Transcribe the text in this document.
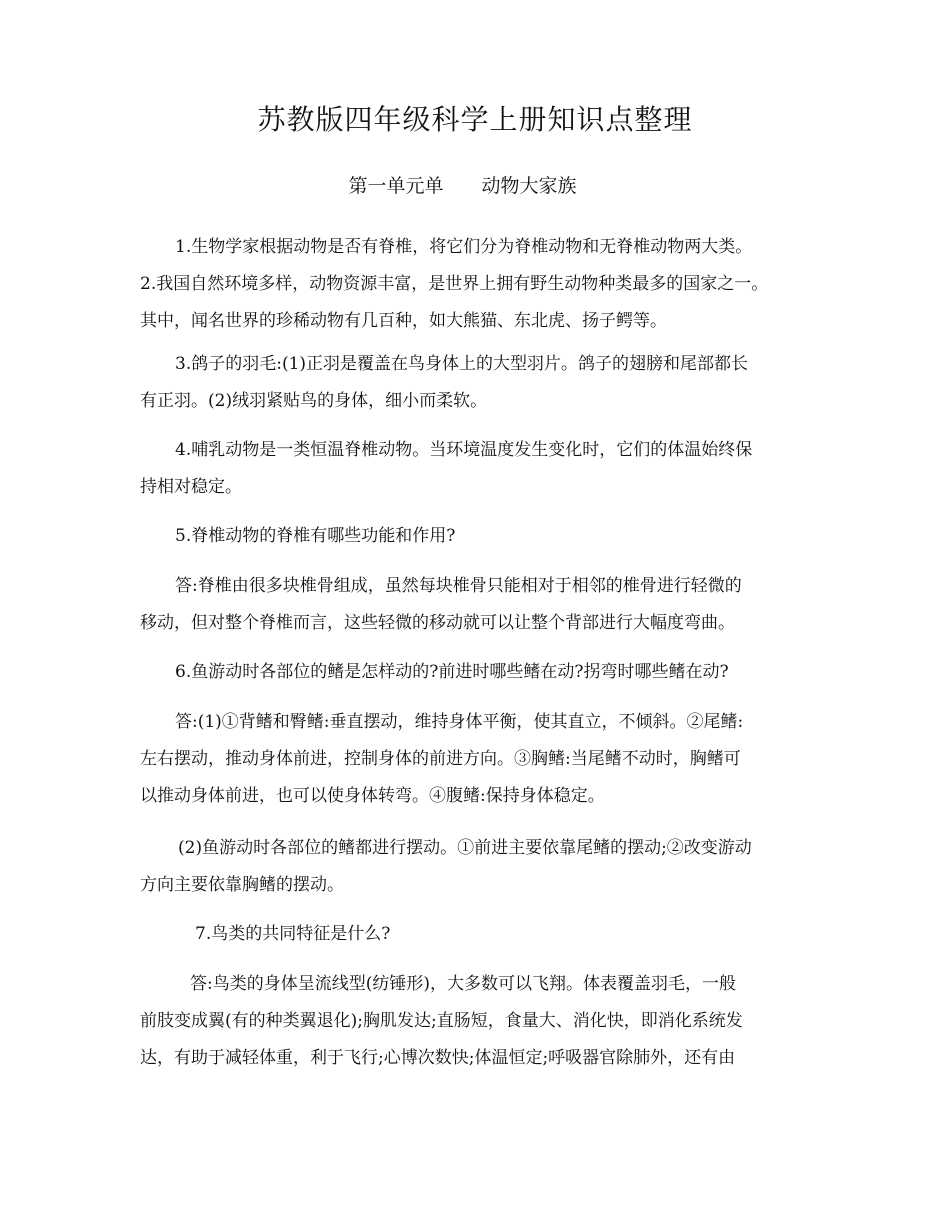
苏教版四年级科学上册知识点整理
第一单元单　　动物大家族
1.生物学家根据动物是否有脊椎，将它们分为脊椎动物和无脊椎动物两大类。
2.我国自然环境多样，动物资源丰富，是世界上拥有野生动物种类最多的国家之一。
其中，闻名世界的珍稀动物有几百种，如大熊猫、东北虎、扬子鳄等。
3.鸽子的羽毛:(1)正羽是覆盖在鸟身体上的大型羽片。鸽子的翅膀和尾部都长
有正羽。(2)绒羽紧贴鸟的身体，细小而柔软。
4.哺乳动物是一类恒温脊椎动物。当环境温度发生变化时，它们的体温始终保
持相对稳定。
5.脊椎动物的脊椎有哪些功能和作用?
答:脊椎由很多块椎骨组成，虽然每块椎骨只能相对于相邻的椎骨进行轻微的
移动，但对整个脊椎而言，这些轻微的移动就可以让整个背部进行大幅度弯曲。
6.鱼游动时各部位的鳍是怎样动的?前进时哪些鳍在动?拐弯时哪些鳍在动?
答:(1)①背鳍和臀鳍:垂直摆动，维持身体平衡，使其直立，不倾斜。②尾鳍:
左右摆动，推动身体前进，控制身体的前进方向。③胸鳍:当尾鳍不动时，胸鳍可
以推动身体前进，也可以使身体转弯。④腹鳍:保持身体稳定。
(2)鱼游动时各部位的鳍都进行摆动。①前进主要依靠尾鳍的摆动;②改变游动
方向主要依靠胸鳍的摆动。
7.鸟类的共同特征是什么?
答:鸟类的身体呈流线型(纺锤形)，大多数可以飞翔。体表覆盖羽毛，一般
前肢变成翼(有的种类翼退化);胸肌发达;直肠短，食量大、消化快，即消化系统发
达，有助于减轻体重，利于飞行;心博次数快;体温恒定;呼吸器官除肺外，还有由
